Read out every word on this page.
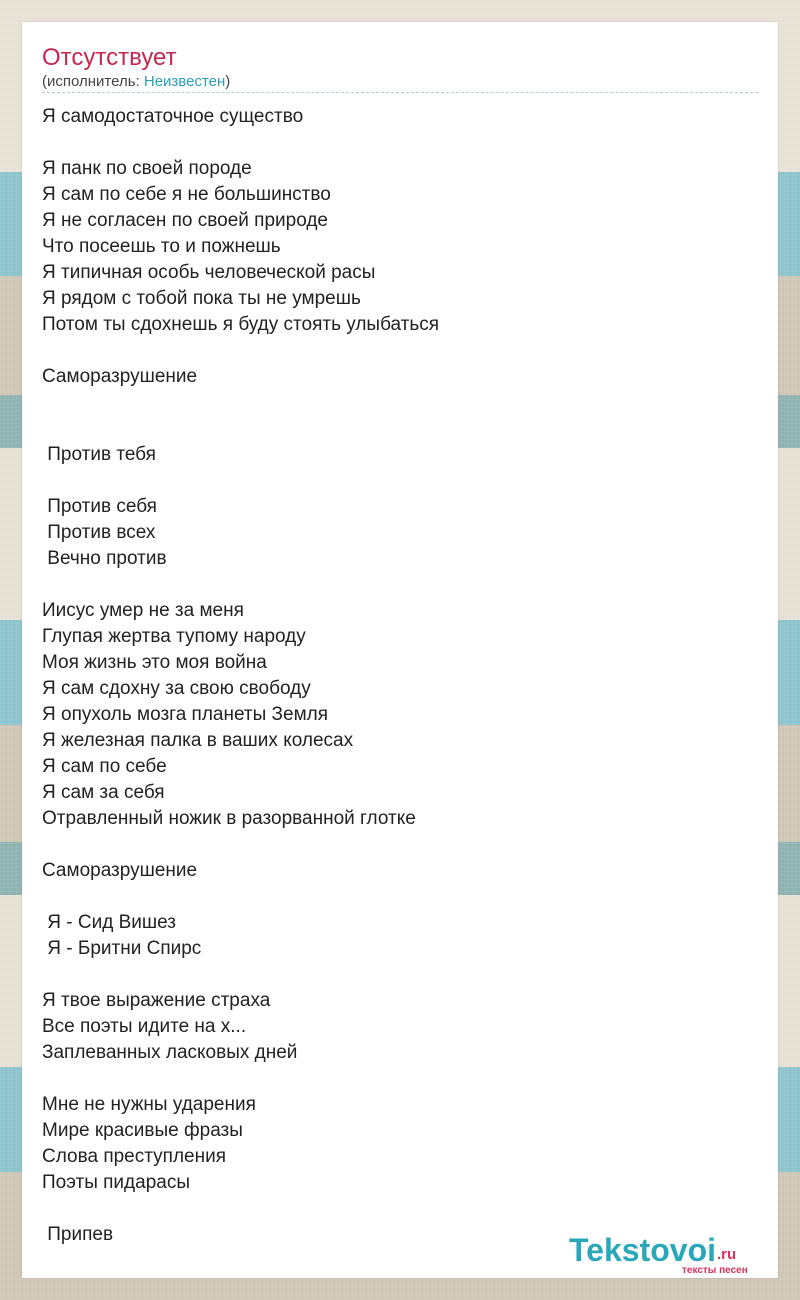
Отсутствует
(исполнитель: Неизвестен)
Я самодостаточное существо
Я панк по своей породе
Я сам по себе я не большинство
Я не согласен по своей природе
Что посеешь то и пожнешь
Я типичная особь человеческой расы
Я рядом с тобой пока ты не умрешь
Потом ты сдохнешь я буду стоять улыбаться
Саморазрушение
Против тебя
Против себя
Против всех
Вечно против
Иисус умер не за меня
Глупая жертва тупому народу
Моя жизнь это моя война
Я сам сдохну за свою свободу
Я опухоль мозга планеты Земля
Я железная палка в ваших колесах
Я сам по себе
Я сам за себя
Отравленный ножик в разорванной глотке
Саморазрушение
Я - Сид Вишез
Я - Бритни Спирс
Я твое выражение страха
Все поэты идите на х...
Заплеванных ласковых дней
Мне не нужны ударения
Мире красивые фразы
Слова преступления
Поэты пидарасы
Припев	Tekstovoi.ru
тексты песен
